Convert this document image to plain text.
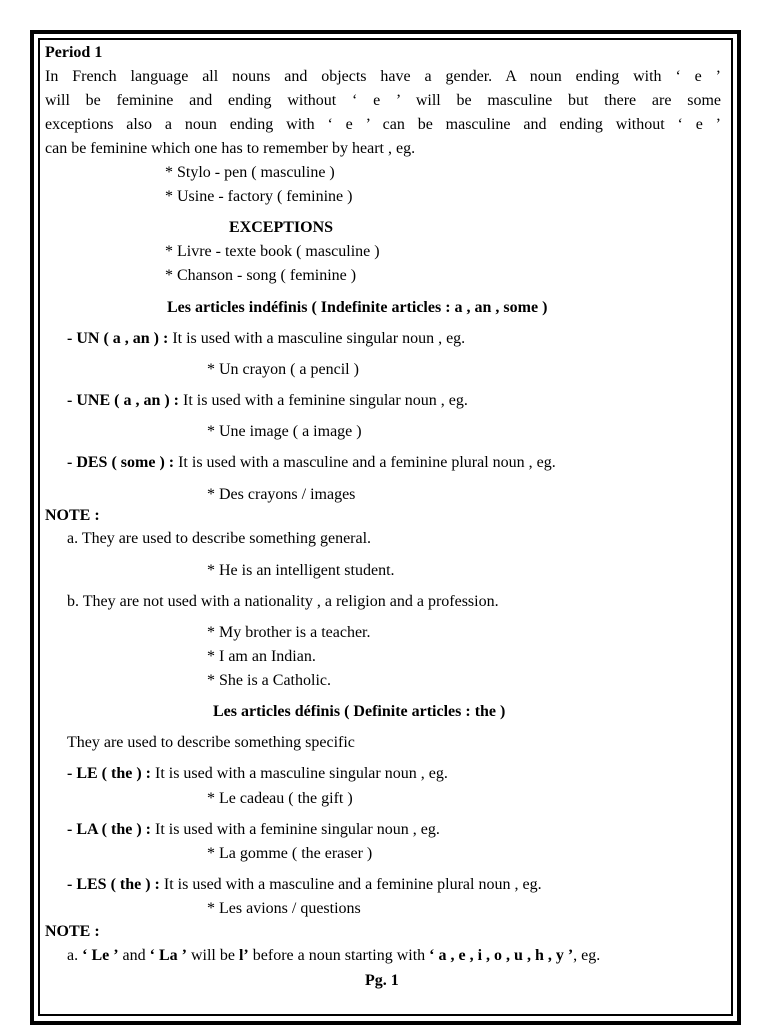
Period 1
In French language all nouns and objects have a gender. A noun ending with ‘ e ’
will be feminine and ending without ‘ e ’ will be masculine but there are some
exceptions also a noun ending with ‘ e ’ can be masculine and ending without ‘ e ’
can be feminine which one has to remember by heart , eg.
* Stylo - pen ( masculine )
* Usine - factory ( feminine )
EXCEPTIONS
* Livre - texte book ( masculine )
* Chanson - song ( feminine )
Les articles indéfinis ( Indefinite articles : a , an , some )
- UN ( a , an ) : It is used with a masculine singular noun , eg.
* Un crayon ( a pencil )
- UNE ( a , an ) : It is used with a feminine singular noun , eg.
* Une image ( a image )
- DES ( some ) : It is used with a masculine and a feminine plural noun , eg.
* Des crayons / images
NOTE :
a. They are used to describe something general.
* He is an intelligent student.
b. They are not used with a nationality , a religion and a profession.
* My brother is a teacher.
* I am an Indian.
* She is a Catholic.
Les articles définis ( Definite articles : the )
They are used to describe something specific
- LE ( the ) : It is used with a masculine singular noun , eg.
* Le cadeau ( the gift )
- LA ( the ) : It is used with a feminine singular noun , eg.
* La gomme ( the eraser )
- LES ( the ) : It is used with a masculine and a feminine plural noun , eg.
* Les avions / questions
NOTE :
a. ‘ Le ’ and ‘ La ’ will be l’ before a noun starting with ‘ a , e , i , o , u , h , y ’, eg.
Pg. 1
